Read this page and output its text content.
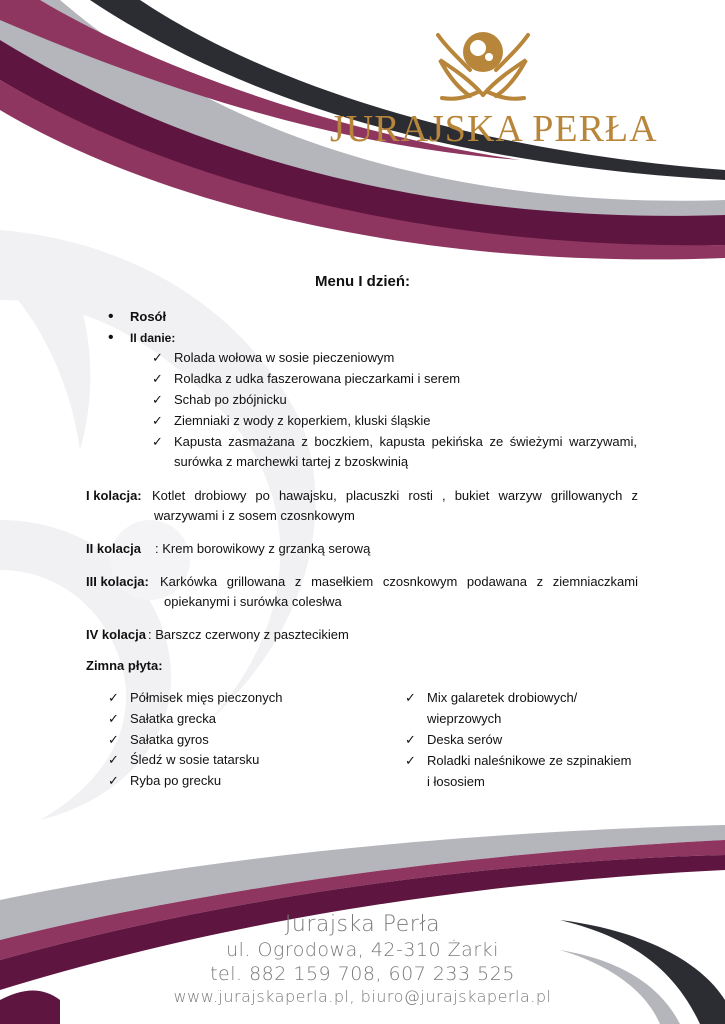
JURAJSKA PERŁA
Menu I dzień:
• Rosół
• II danie:
✓ Rolada wołowa w sosie pieczeniowym
✓ Roladka z udka faszerowana pieczarkami i serem
✓ Schab po zbójnicku
✓ Ziemniaki z wody z koperkiem, kluski śląskie
✓ Kapusta zasmażana z boczkiem, kapusta pekińska ze świeżymi warzywami,
surówka z marchewki tartej z bzoskwinią
I kolacja: Kotlet drobiowy po hawajsku, placuszki rosti , bukiet warzyw grillowanych z
warzywami i z sosem czosnkowym
II kolacja : Krem borowikowy z grzanką serową
III kolacja: Karkówka grillowana z masełkiem czosnkowym podawana z ziemniaczkami
opiekanymi i surówka colesłwa
IV kolacja : Barszcz czerwony z pasztecikiem
Zimna płyta:
✓ Półmisek mięs pieczonych
✓ Sałatka grecka
✓ Sałatka gyros
✓ Śledź w sosie tatarsku
✓ Ryba po grecku
✓ Mix galaretek drobiowych/
wieprzowych
✓ Deska serów
✓ Roladki naleśnikowe ze szpinakiem
i łososiem
Jurajska Perła
ul. Ogrodowa, 42-310 Żarki
tel. 882 159 708, 607 233 525
www.jurajskaperla.pl, biuro@jurajskaperla.pl
